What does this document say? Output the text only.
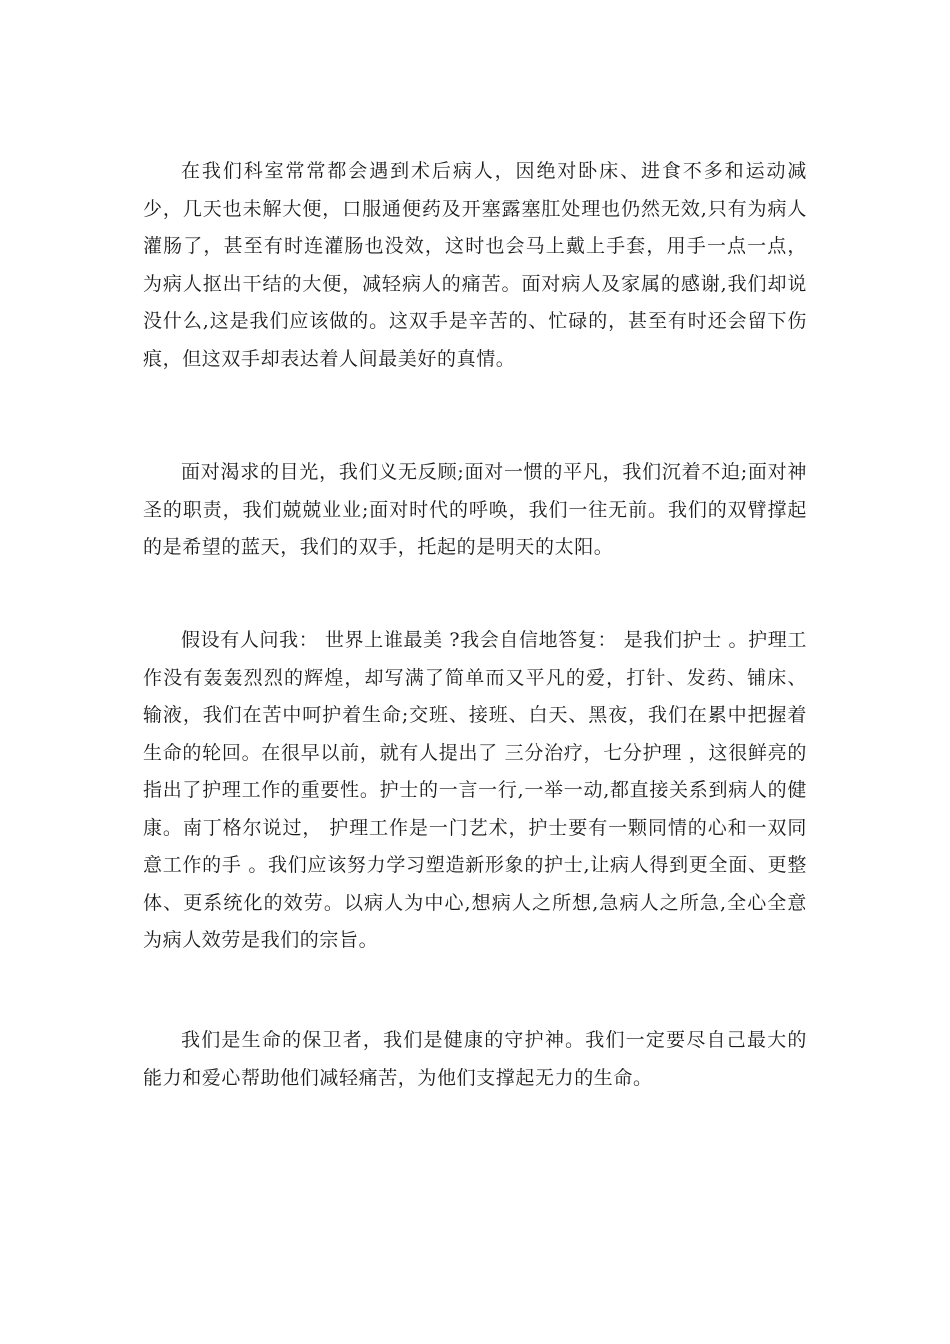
在我们科室常常都会遇到术后病人，因绝对卧床、进食不多和运动减少，几天也未解大便，口服通便药及开塞露塞肛处理也仍然无效,只有为病人灌肠了，甚至有时连灌肠也没效，这时也会马上戴上手套，用手一点一点，为病人抠出干结的大便，减轻病人的痛苦。面对病人及家属的感谢,我们却说没什么,这是我们应该做的。这双手是辛苦的、忙碌的，甚至有时还会留下伤痕，但这双手却表达着人间最美好的真情。

面对渴求的目光，我们义无反顾;面对一惯的平凡，我们沉着不迫;面对神圣的职责，我们兢兢业业;面对时代的呼唤，我们一往无前。我们的双臂撑起的是希望的蓝天，我们的双手，托起的是明天的太阳。

假设有人问我： 世界上谁最美 ?我会自信地答复： 是我们护士 。护理工作没有轰轰烈烈的辉煌，却写满了简单而又平凡的爱，打针、发药、铺床、输液，我们在苦中呵护着生命;交班、接班、白天、黑夜，我们在累中把握着生命的轮回。在很早以前，就有人提出了 三分治疗，七分护理 ，这很鲜亮的指出了护理工作的重要性。护士的一言一行,一举一动,都直接关系到病人的健康。南丁格尔说过， 护理工作是一门艺术，护士要有一颗同情的心和一双同意工作的手 。我们应该努力学习塑造新形象的护士,让病人得到更全面、更整体、更系统化的效劳。以病人为中心,想病人之所想,急病人之所急,全心全意为病人效劳是我们的宗旨。

我们是生命的保卫者，我们是健康的守护神。我们一定要尽自己最大的能力和爱心帮助他们减轻痛苦，为他们支撑起无力的生命。
